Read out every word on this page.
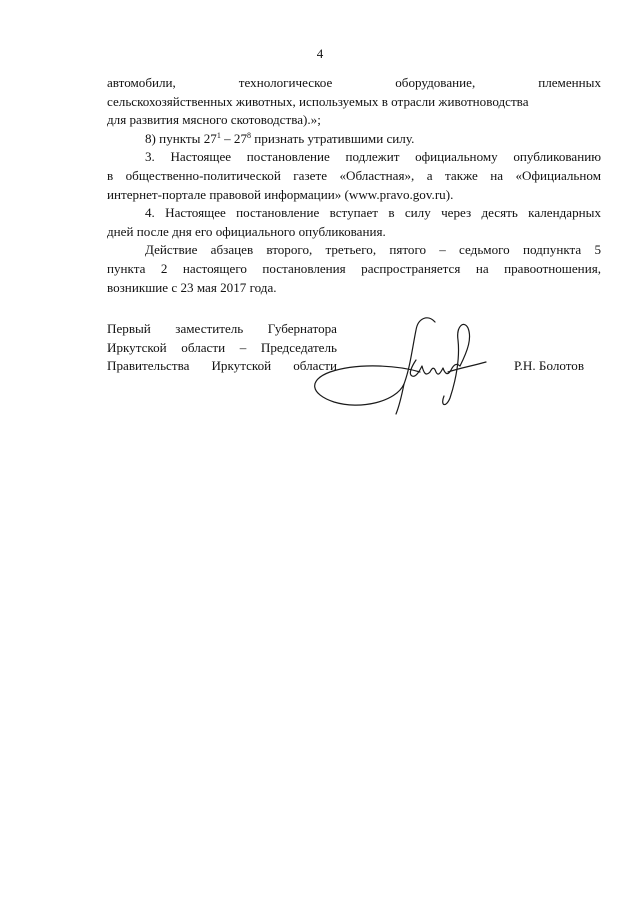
4
автомобили,	технологическое	оборудование,	племенных
сельскохозяйственных животных, используемых в отрасли животноводства
для развития мясного скотоводства).»;
8) пункты $27^1 - 27^8$ признать утратившими силу.
3. Настоящее постановление подлежит официальному опубликованию
в общественно-политической газете «Областная», а также на «Официальном
интернет-портале правовой информации» (www.pravo.gov.ru).
4. Настоящее постановление вступает в силу через десять календарных
дней после дня его официального опубликования.
Действие абзацев второго, третьего, пятого – седьмого подпункта 5
пункта 2 настоящего постановления распространяется на правоотношения,
возникшие с 23 мая 2017 года.
Первый заместитель Губернатора
Иркутской области – Председатель
Правительства Иркутской области	Р.Н. Болотов
